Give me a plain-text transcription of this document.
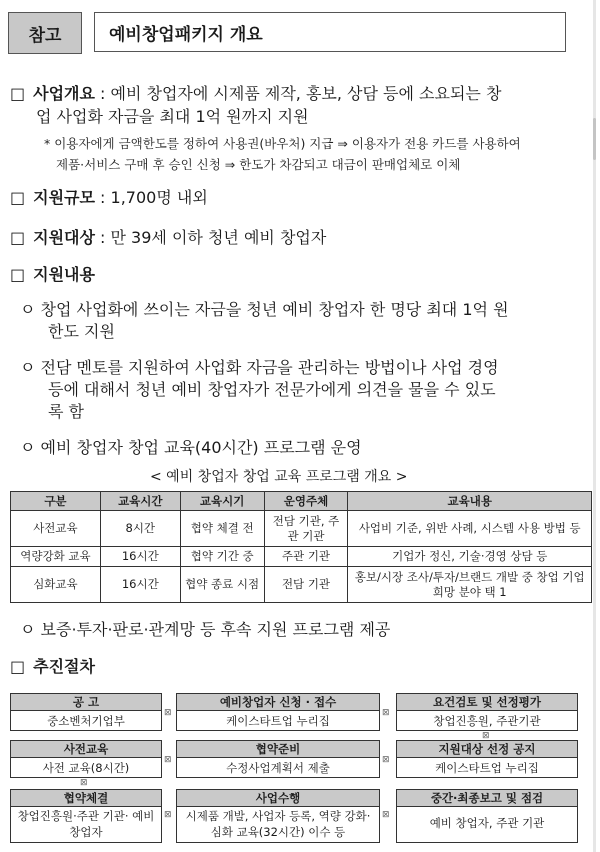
참고	예비창업패키지 개요
□ 사업개요 : 예비 창업자에 시제품 제작, 홍보, 상담 등에 소요되는 창
업 사업화 자금을 최대 1억 원까지 지원
* 이용자에게 금액한도를 정하여 사용권(바우처) 지급 ⇒ 이용자가 전용 카드를 사용하여
제품·서비스 구매 후 승인 신청 ⇒ 한도가 차감되고 대금이 판매업체로 이체
□ 지원규모 : 1,700명 내외
□ 지원대상 : 만 39세 이하 청년 예비 창업자
□ 지원내용
ㅇ 창업 사업화에 쓰이는 자금을 청년 예비 창업자 한 명당 최대 1억 원
한도 지원
ㅇ 전담 멘토를 지원하여 사업화 자금을 관리하는 방법이나 사업 경영
등에 대해서 청년 예비 창업자가 전문가에게 의견을 물을 수 있도
록 함
ㅇ 예비 창업자 창업 교육(40시간) 프로그램 운영
< 예비 창업자 창업 교육 프로그램 개요 >
구분	교육시간	교육시기	운영주체	교육내용
사전교육	8시간	협약 체결 전	전담 기관, 주관 기관	사업비 기준, 위반 사례, 시스템 사용 방법 등
역량강화 교육	16시간	협약 기간 중	주관 기관	기업가 정신, 기술·경영 상담 등
심화교육	16시간	협약 종료 시점	전담 기관	홍보/시장 조사/투자/브랜드 개발 중 창업 기업 희망 분야 택 1
ㅇ 보증·투자·판로·관계망 등 후속 지원 프로그램 제공
□ 추진절차
공 고
중소벤처기업부
⊠
예비창업자 신청 · 접수
케이스타트업 누리집
⊠
요건검토 및 선정평가
창업진흥원, 주관기관
⊠
사전교육
사전 교육(8시간)
⊠
협약준비
수정사업계획서 제출
⊠
지원대상 선정 공지
케이스타트업 누리집
⊠
협약체결
창업진흥원·주관 기관· 예비 창업자
⊠
사업수행
시제품 개발, 사업자 등록, 역량 강화·심화 교육(32시간) 이수 등
⊠
중간·최종보고 및 점검
예비 창업자, 주관 기관
